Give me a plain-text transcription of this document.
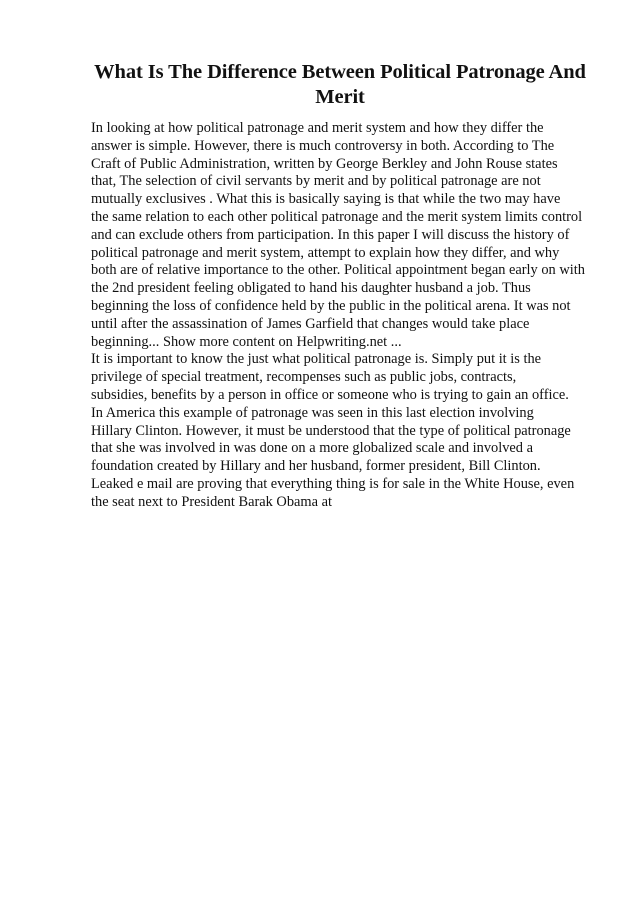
What Is The Difference Between Political Patronage And Merit

In looking at how political patronage and merit system and how they differ the
answer is simple. However, there is much controversy in both. According to The
Craft of Public Administration, written by George Berkley and John Rouse states
that, The selection of civil servants by merit and by political patronage are not
mutually exclusives . What this is basically saying is that while the two may have
the same relation to each other political patronage and the merit system limits control
and can exclude others from participation. In this paper I will discuss the history of
political patronage and merit system, attempt to explain how they differ, and why
both are of relative importance to the other. Political appointment began early on with
the 2nd president feeling obligated to hand his daughter husband a job. Thus
beginning the loss of confidence held by the public in the political arena. It was not
until after the assassination of James Garfield that changes would take place
beginning... Show more content on Helpwriting.net ...

It is important to know the just what political patronage is. Simply put it is the
privilege of special treatment, recompenses such as public jobs, contracts,
subsidies, benefits by a person in office or someone who is trying to gain an office.
In America this example of patronage was seen in this last election involving
Hillary Clinton. However, it must be understood that the type of political patronage
that she was involved in was done on a more globalized scale and involved a
foundation created by Hillary and her husband, former president, Bill Clinton.
Leaked e mail are proving that everything thing is for sale in the White House, even
the seat next to President Barak Obama at
